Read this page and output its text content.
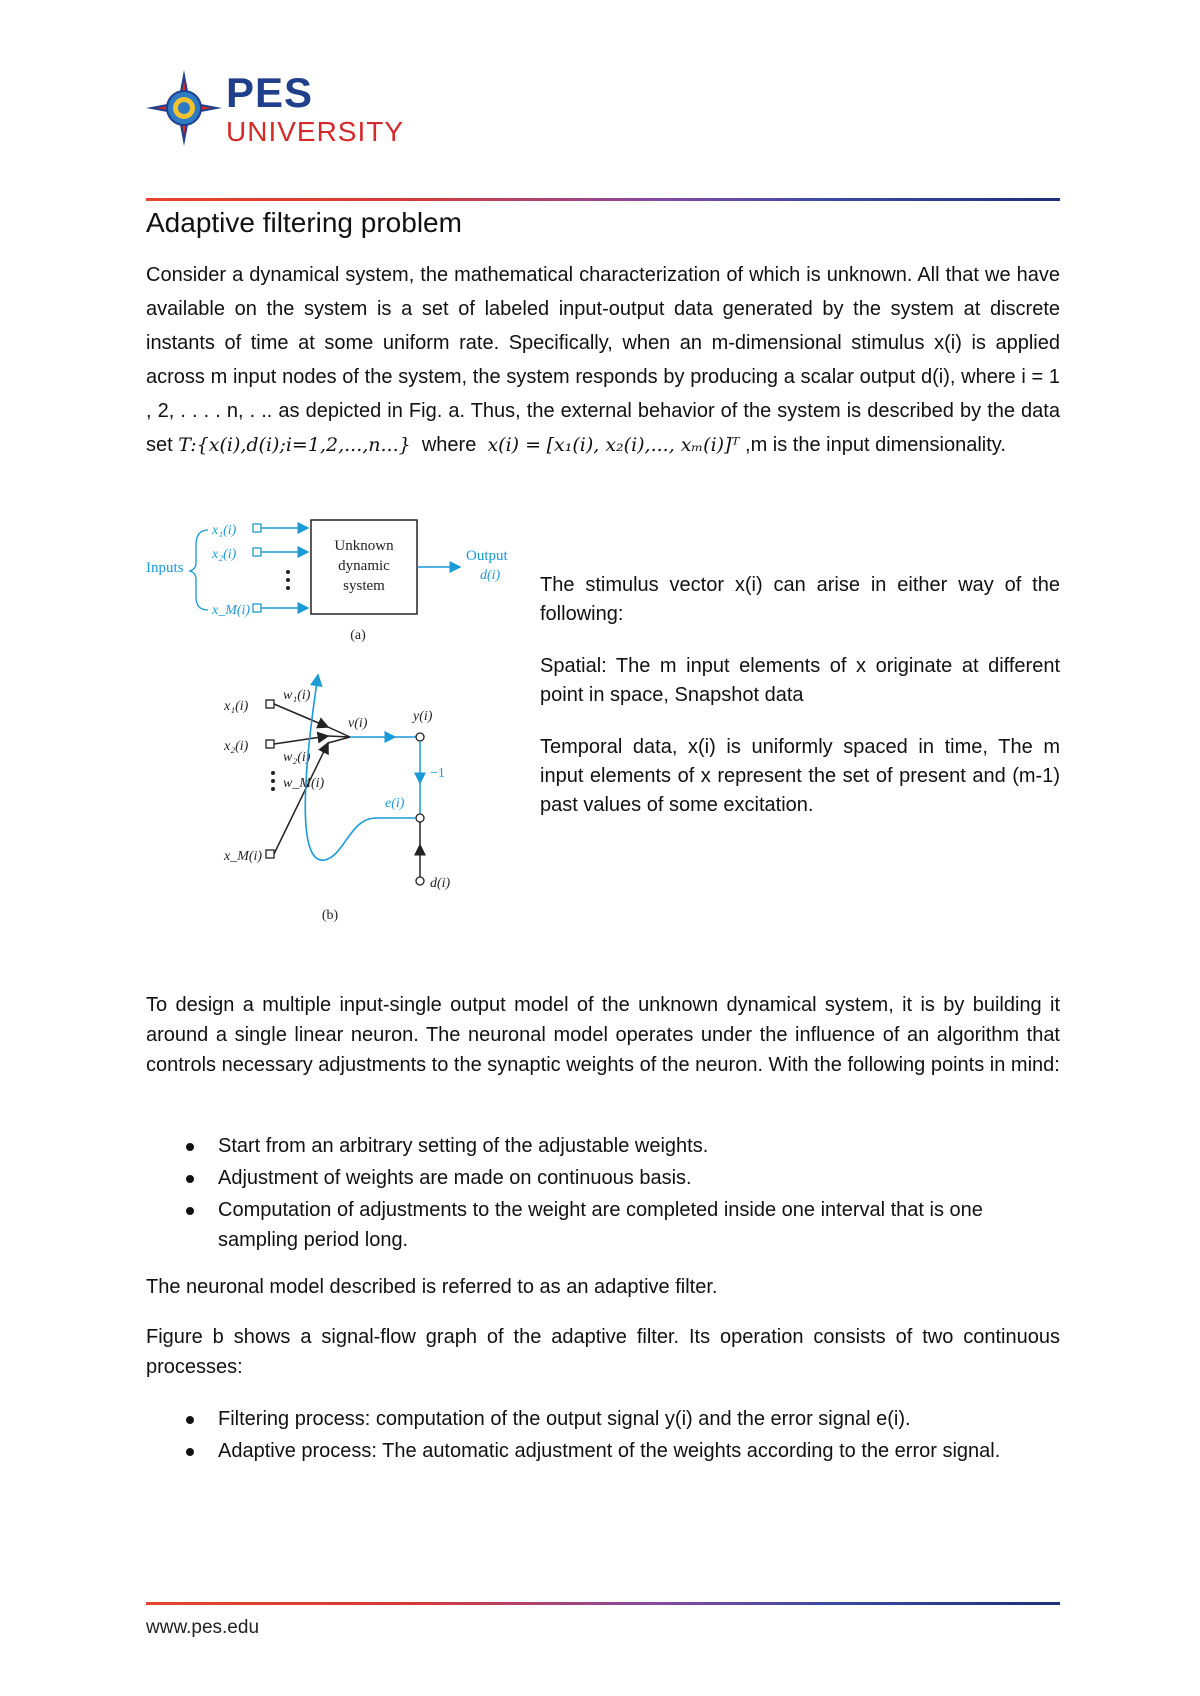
PES
UNIVERSITY
Adaptive filtering problem

Consider a dynamical system, the mathematical characterization of which is unknown. All that we have available on the system is a set of labeled input-output data generated by the system at discrete instants of time at some uniform rate. Specifically, when an m-dimensional stimulus x(i) is applied across m input nodes of the system, the system responds by producing a scalar output d(i), where i = 1 , 2, . . . . n, . .. as depicted in Fig. a. Thus, the external behavior of the system is described by the data set T:{x(i),d(i);i=1,2,...,n...} where x(i) = [x₁(i), x₂(i),..., xₘ(i)]ᵀ ,m is the input dimensionality.

Inputs
x₁(i)
x₂(i)
x_M(i)
Unknown
dynamic
system
Output
d(i)
(a)
x₁(i)
x₂(i)
x_M(i)
w₁(i)
w₂(i)
w_M(i)
v(i)	y(i)
−1
d(i)
e(i)
(b)

The stimulus vector x(i) can arise in either way of the following:

Spatial: The m input elements of x originate at different point in space, Snapshot data

Temporal data, x(i) is uniformly spaced in time, The m input elements of x represent the set of present and (m-1) past values of some excitation.

To design a multiple input-single output model of the unknown dynamical system, it is by building it around a single linear neuron. The neuronal model operates under the influence of an algorithm that controls necessary adjustments to the synaptic weights of the neuron. With the following points in mind:

Start from an arbitrary setting of the adjustable weights.
Adjustment of weights are made on continuous basis.
Computation of adjustments to the weight are completed inside one interval that is one sampling period long.

The neuronal model described is referred to as an adaptive filter.

Figure b shows a signal-flow graph of the adaptive filter. Its operation consists of two continuous processes:

Filtering process: computation of the output signal y(i) and the error signal e(i).
Adaptive process: The automatic adjustment of the weights according to the error signal.
www.pes.edu
